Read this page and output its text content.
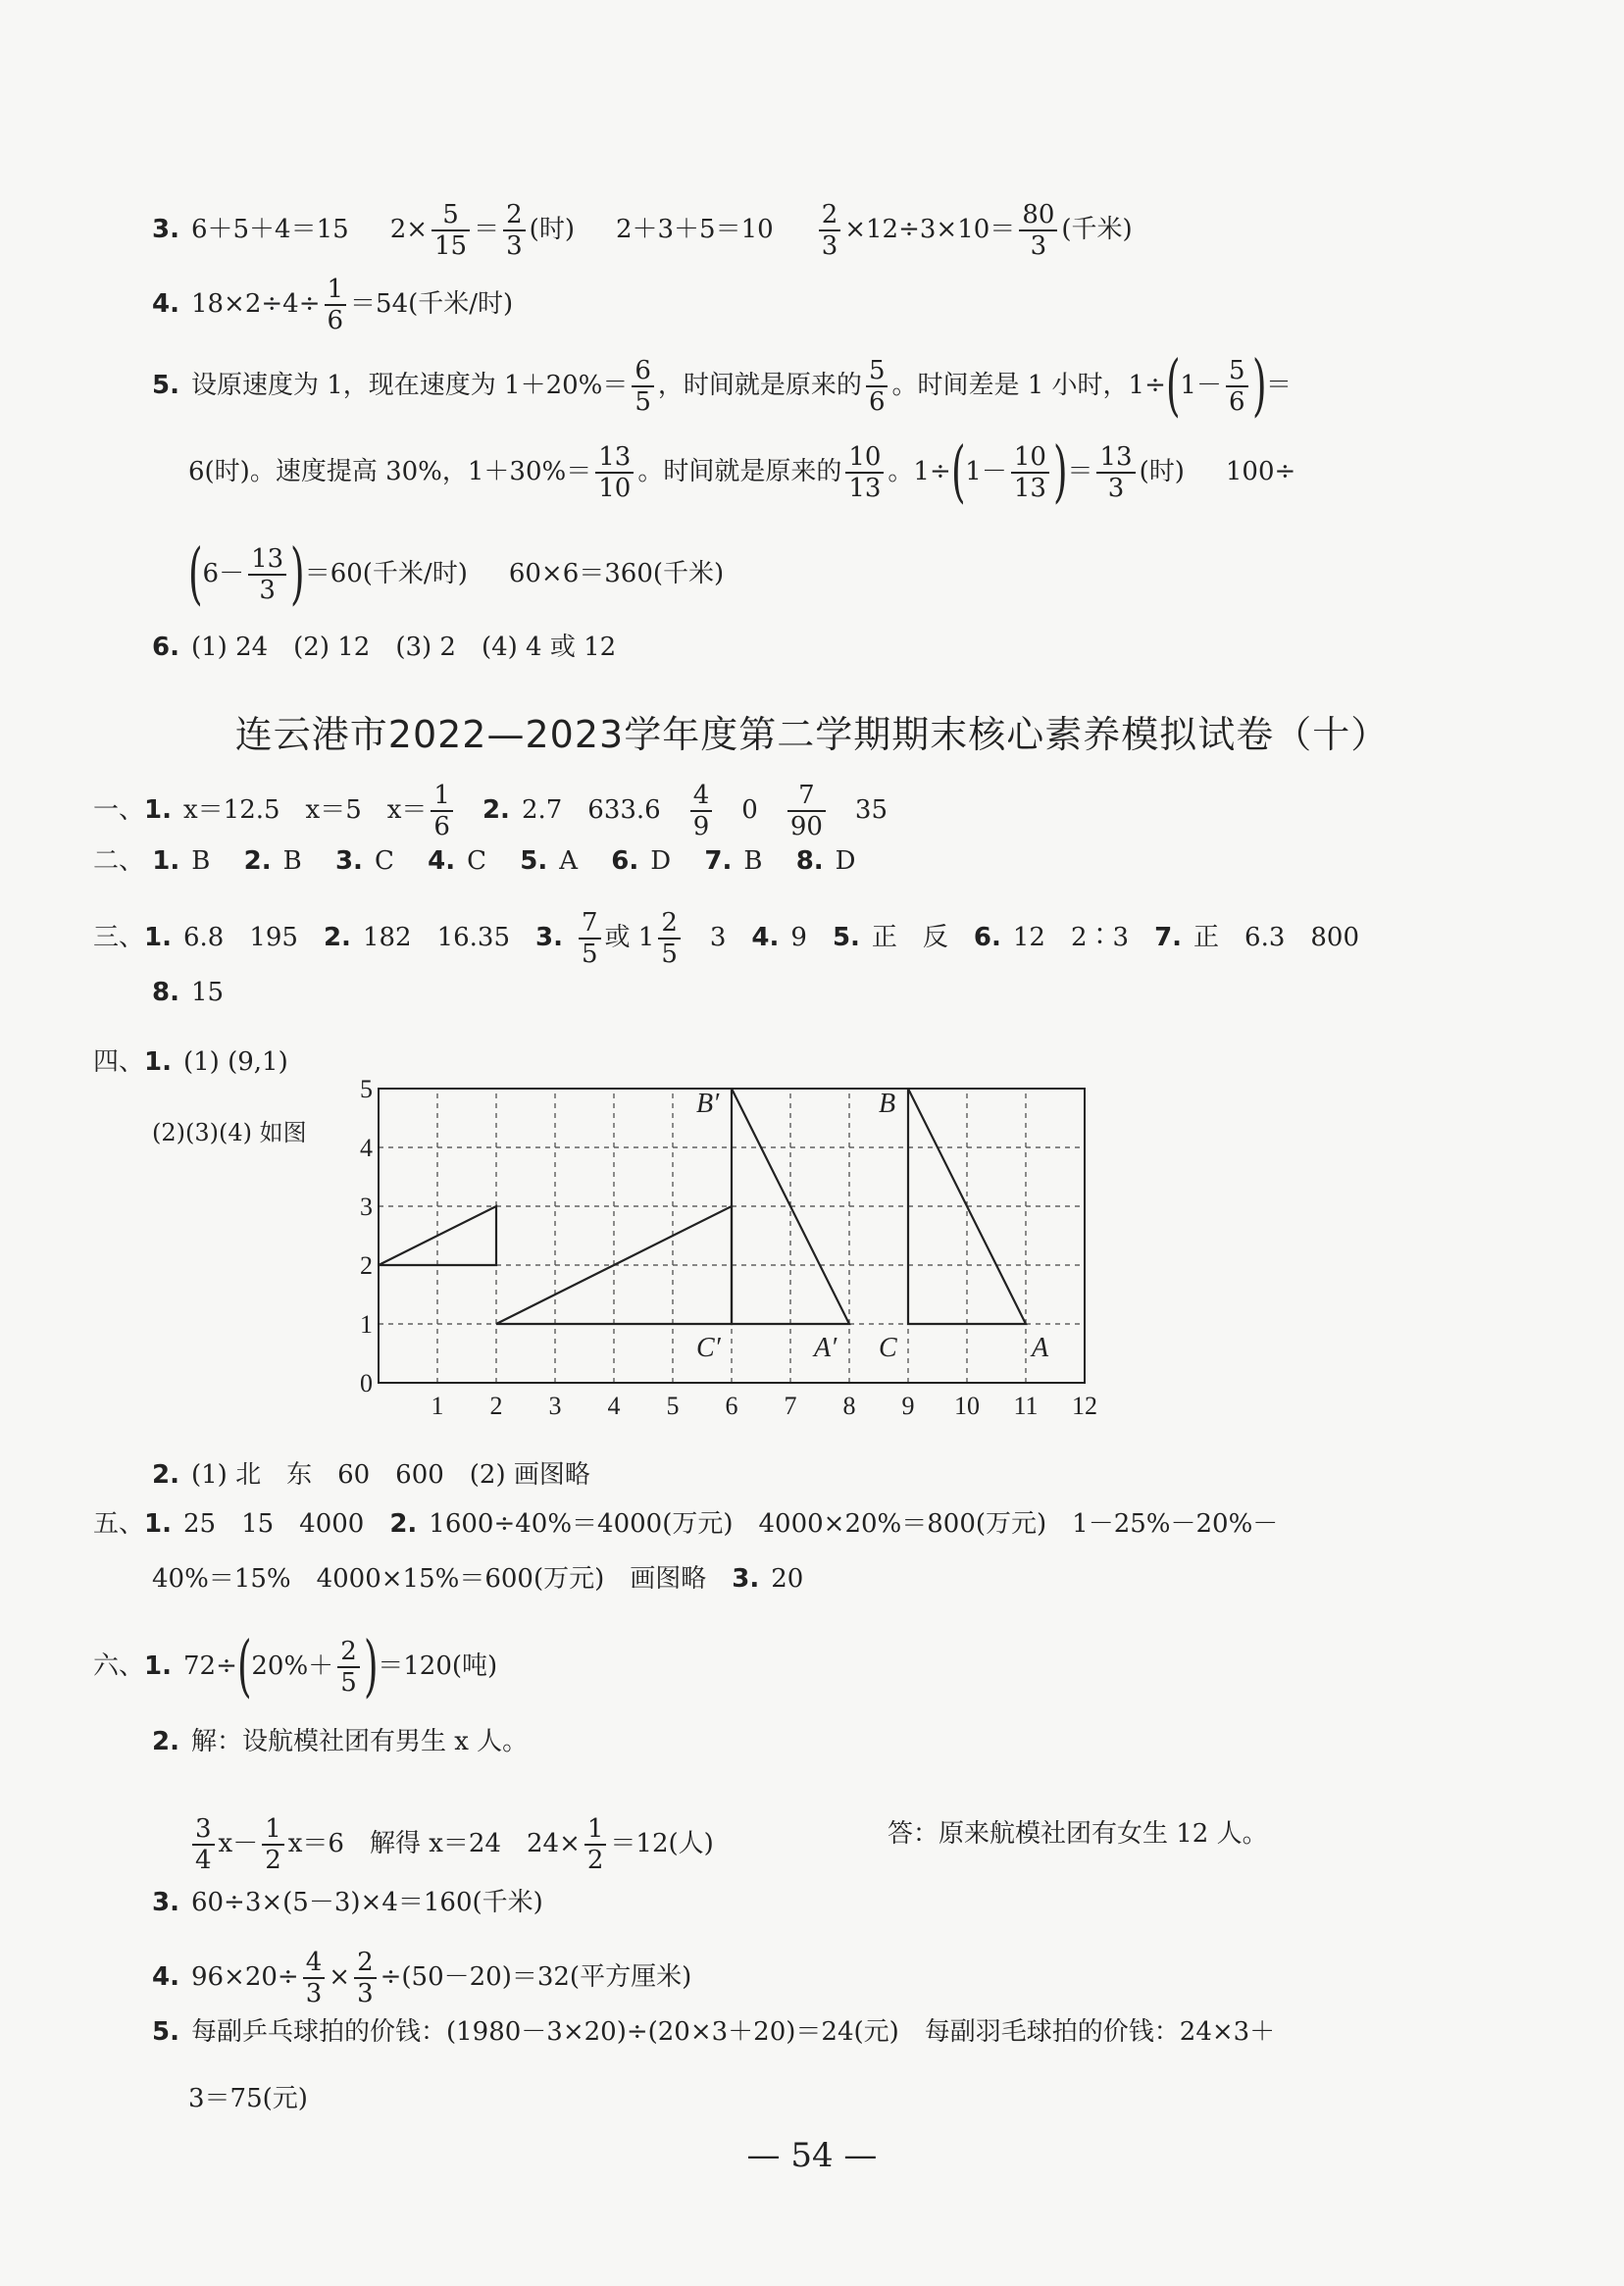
3. 6＋5＋4＝15 $2\times \frac{5}{15} = \frac{2}{3}$ (时) $2+3+5=10 \frac{2}{3} \times 12\div 3\times 10= \frac{80}{3}$ (千米)
4. $18\times 2\div 4\div \frac{1}{6} =54$(千米/时)
5. 设原速度为 1，现在速度为 $1+20\%= \frac{6}{5}$ ，时间就是原来的 $\frac{5}{6}$ 。时间差是 1 小时，$1\div(1- \frac{5}{6}$ )＝
6(时)。速度提高 30%，$1+30\%= \frac{13}{10}$ 。时间就是原来的 $\frac{10}{13}$ 。$1\div(1- \frac{10}{13}$ )＝ $\frac{13}{3}$ (时) 100÷
$(6- \frac{13}{3} )=60$(千米/时) 60×6＝360(千米)
6. (1) 24　(2) 12　(3) 2　(4) 4 或 12
连云港市2022—2023学年度第二学期期末核心素养模拟试卷（十）
一、1. x＝12.5　x＝5　$x= \frac{1}{6} 2$. 2.7　$633.6 \frac{4}{9} 0 \frac{7}{90} 35$
二、 1. B 2. B 3. C 4. C 5. A 6. D 7. B 8. D
三、1. 6.8　195 2. 182　16.35 3. $\frac{7}{5}$ 或 $1 \frac{2}{5} 3$ 4. 9 5. 正　反 6. 12　2∶3 7. 正　6.3　800
8. 15
四、1. (1) (9,1)
(2)(3)(4) 如图
1 2 3 4 5 6 7 8 9 10 11 12
0
1
2
3
4
5	B′
C′	A′
B
C	A
2. (1) 北　东　60　600　(2) 画图略
五、1. 25　15　4000 2. 1600÷40%＝4000(万元)　4000×20%＝800(万元)　1－25%－20%－
40%＝15%　4000×15%＝600(万元)　画图略 3. 20
六、1. $72\div(20\%+ \frac{2}{5} )=120$(吨)
2. 解：设航模社团有男生 x 人。
$\frac{3}{4} x- \frac{1}{2} x=6$　解得 x＝24　$24\times \frac{1}{2} =12$(人)	答：原来航模社团有女生 12 人。
3. 60÷3×(5－3)×4＝160(千米)
4. $96\times 20\div \frac{4}{3} \times \frac{2}{3} \div(50-20)=32$(平方厘米)
5. 每副乒乓球拍的价钱：(1980－3×20)÷(20×3＋20)＝24(元)　每副羽毛球拍的价钱：24×3＋
3＝75(元)
— 54 —
